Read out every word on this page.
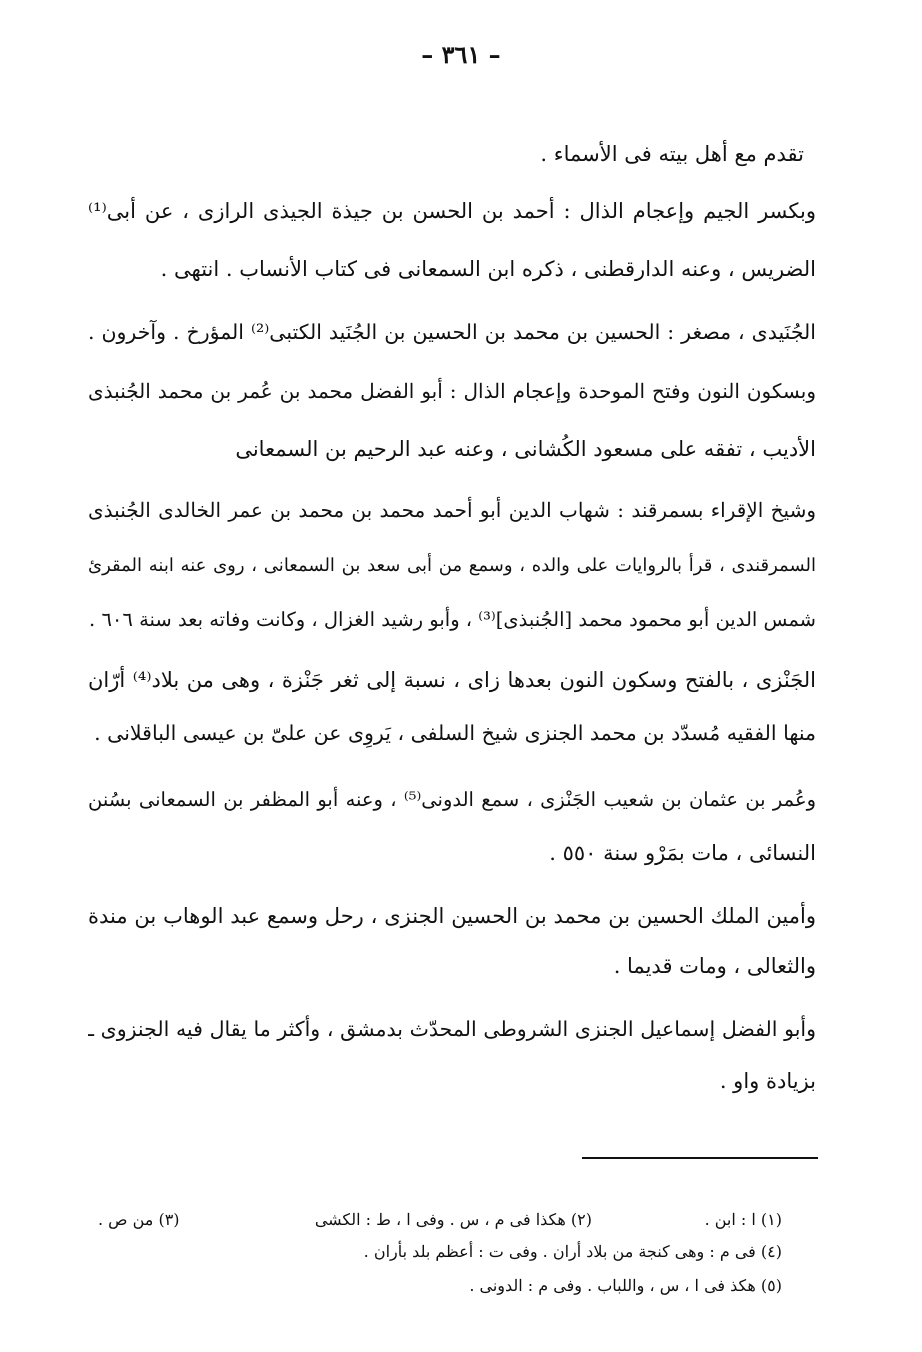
– ٣٦١ –
تقدم مع أهل بيته فى الأسماء .
وبكسر الجيم وإعجام الذال : أحمد بن الحسن بن جيذة الجيذى الرازى ، عن أبى⁽¹⁾
الضريس ، وعنه الدارقطنى ، ذكره ابن السمعانى فى كتاب الأنساب . انتهى .
الجُنَيدى ، مصغر : الحسين بن محمد بن الحسين بن الجُنَيد الكتبى⁽²⁾ المؤرخ . وآخرون .
وبسكون النون وفتح الموحدة وإعجام الذال : أبو الفضل محمد بن عُمر بن محمد الجُنبذى
الأديب ، تفقه على مسعود الكُشانى ، وعنه عبد الرحيم بن السمعانى
وشيخ الإقراء بسمرقند : شهاب الدين أبو أحمد محمد بن محمد بن عمر الخالدى الجُنبذى
السمرقندى ، قرأ بالروايات على والده ، وسمع من أبى سعد بن السمعانى ، روى عنه ابنه المقرئ
شمس الدين أبو محمود محمد [الجُنبذى]⁽³⁾ ، وأبو رشيد الغزال ، وكانت وفاته بعد سنة ٦٠٦ .
الجَنْزى ، بالفتح وسكون النون بعدها زاى ، نسبة إلى ثغر جَنْزة ، وهى من بلاد⁽⁴⁾ أرّان
منها الفقيه مُسدّد بن محمد الجنزى شيخ السلفى ، يَروِى عن علىّ بن عيسى الباقلانى .
وعُمر بن عثمان بن شعيب الجَنْزى ، سمع الدونى⁽⁵⁾ ، وعنه أبو المظفر بن السمعانى بسُنن
النسائى ، مات بمَرْو سنة ٥٥٠ .
وأمين الملك الحسين بن محمد بن الحسين الجنزى ، رحل وسمع عبد الوهاب بن مندة
والثعالى ، ومات قديما .
وأبو الفضل إسماعيل الجنزى الشروطى المحدّث بدمشق ، وأكثر ما يقال فيه الجنزوى ـ
بزيادة واو .
(١) ا : ابن .
(٢) هكذا فى م ، س . وفى ا ، ط : الكشى
(٣) من ص .
(٤) فى م : وهى كنجة من بلاد أران . وفى ت : أعظم بلد بأران .
(٥) هكذ فى ا ، س ، واللباب . وفى م : الدونى .
